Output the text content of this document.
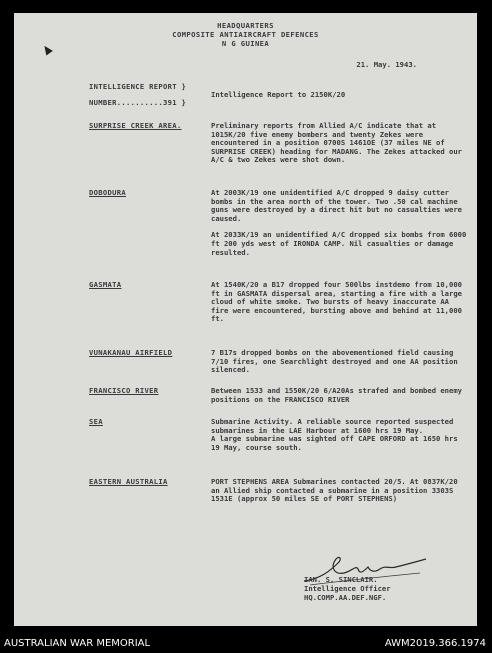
HEADQUARTERS
COMPOSITE ANTIAIRCRAFT DEFENCES
N G GUINEA
21. May. 1943.
INTELLIGENCE REPORT }
NUMBER..........391 }
Intelligence Report to 2150K/20
SURPRISE CREEK AREA.	Preliminary reports from Allied A/C indicate that at 1015K/20 five enemy bombers and twenty Zekes were encountered in a position 0700S 1461OE (37 miles NE of SURPRISE CREEK) heading for MADANG. The Zekes attacked our A/C & two Zekes were shot down.

DOBODURA	At 2003K/19 one unidentified A/C dropped 9 daisy cutter bombs in the area north of the tower. Two .50 cal machine guns were destroyed by a direct hit but no casualties were caused.

At 2033K/19 an unidentified A/C dropped six bombs from 6000 ft 200 yds west of IRONDA CAMP. Nil casualties or damage resulted.

GASMATA	At 1540K/20 a B17 dropped four 500lbs instdemo from 10,000 ft in GASMATA dispersal area, starting a fire with a large cloud of white smoke. Two bursts of heavy inaccurate AA fire were encountered, bursting above and behind at 11,000 ft.

VUNAKANAU AIRFIELD	7 B17s dropped bombs on the abovementioned field causing 7/10 fires, one Searchlight destroyed and one AA position silenced.

FRANCISCO RIVER	Between 1533 and 1550K/20 6/A20As strafed and bombed enemy positions on the FRANCISCO RIVER

SEA	Submarine Activity. A reliable source reported suspected submarines in the LAE Harbour at 1600 hrs 19 May.

A large submarine was sighted off CAPE ORFORD at 1650 hrs 19 May, course south.

EASTERN AUSTRALIA	PORT STEPHENS AREA Submarines contacted 20/5. At 0837K/20 an Allied ship contacted a submarine in a position 3303S 1531E (approx 50 miles SE of PORT STEPHENS)

IAN. S. SINCLAIR.
Intelligence Officer
HQ.COMP.AA.DEF.NGF.
AUSTRALIAN WAR MEMORIAL	AWM2019.366.1974
